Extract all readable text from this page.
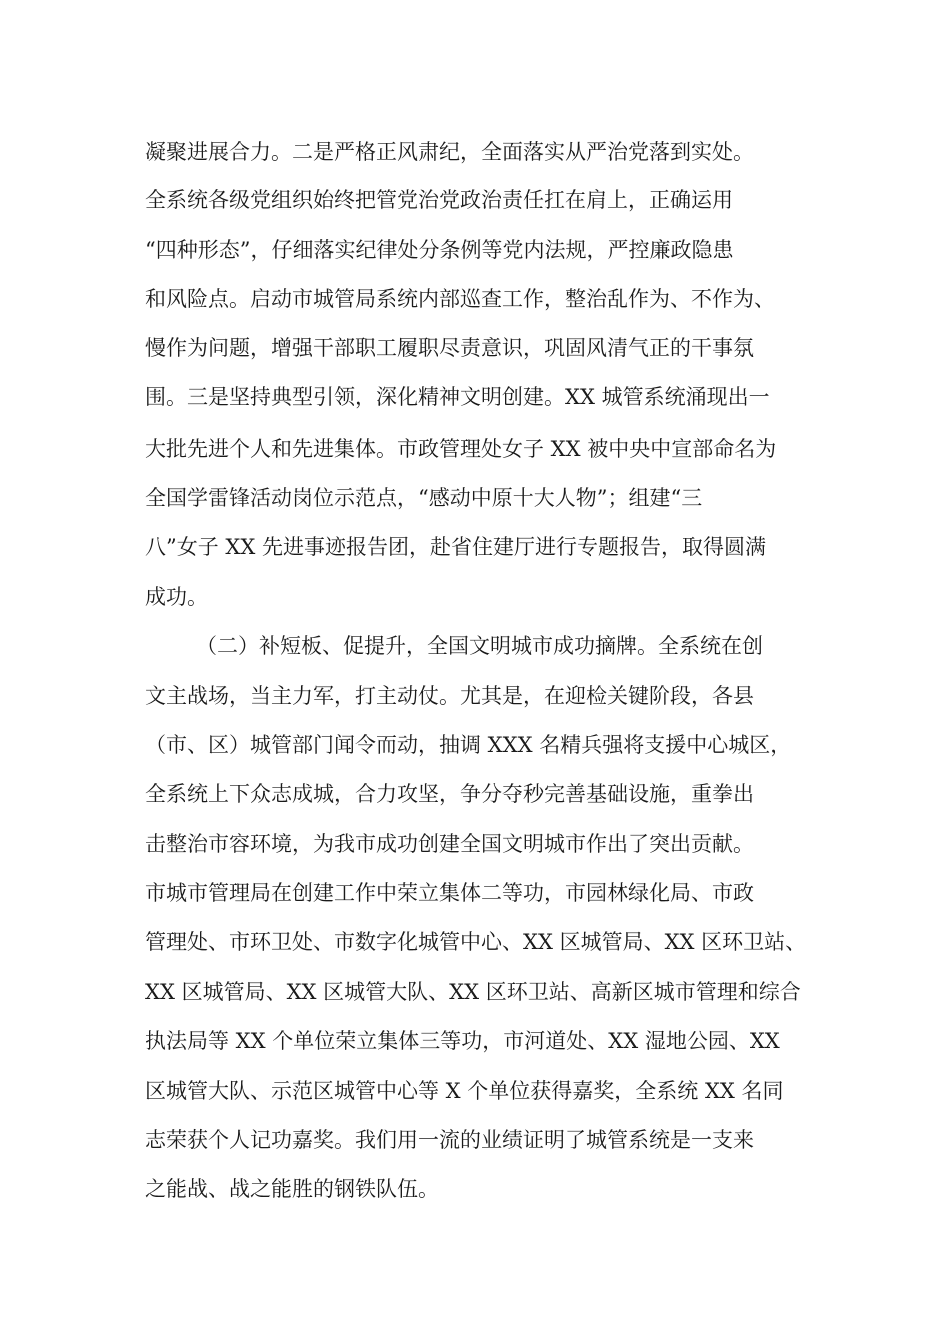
凝聚进展合力。二是严格正风肃纪，全面落实从严治党落到实处。
全系统各级党组织始终把管党治党政治责任扛在肩上，正确运用
“四种形态”，仔细落实纪律处分条例等党内法规，严控廉政隐患
和风险点。启动市城管局系统内部巡查工作，整治乱作为、不作为、
慢作为问题，增强干部职工履职尽责意识，巩固风清气正的干事氛
围。三是坚持典型引领，深化精神文明创建。XX 城管系统涌现出一
大批先进个人和先进集体。市政管理处女子 XX 被中央中宣部命名为
全国学雷锋活动岗位示范点，“感动中原十大人物”；组建“三
八”女子 XX 先进事迹报告团，赴省住建厅进行专题报告，取得圆满
成功。
（二）补短板、促提升，全国文明城市成功摘牌。全系统在创
文主战场，当主力军，打主动仗。尤其是，在迎检关键阶段，各县
（市、区）城管部门闻令而动，抽调 XXX 名精兵强将支援中心城区，
全系统上下众志成城，合力攻坚，争分夺秒完善基础设施，重拳出
击整治市容环境，为我市成功创建全国文明城市作出了突出贡献。
市城市管理局在创建工作中荣立集体二等功，市园林绿化局、市政
管理处、市环卫处、市数字化城管中心、XX 区城管局、XX 区环卫站、
XX 区城管局、XX 区城管大队、XX 区环卫站、高新区城市管理和综合
执法局等 XX 个单位荣立集体三等功，市河道处、XX 湿地公园、XX
区城管大队、示范区城管中心等 X 个单位获得嘉奖，全系统 XX 名同
志荣获个人记功嘉奖。我们用一流的业绩证明了城管系统是一支来
之能战、战之能胜的钢铁队伍。
